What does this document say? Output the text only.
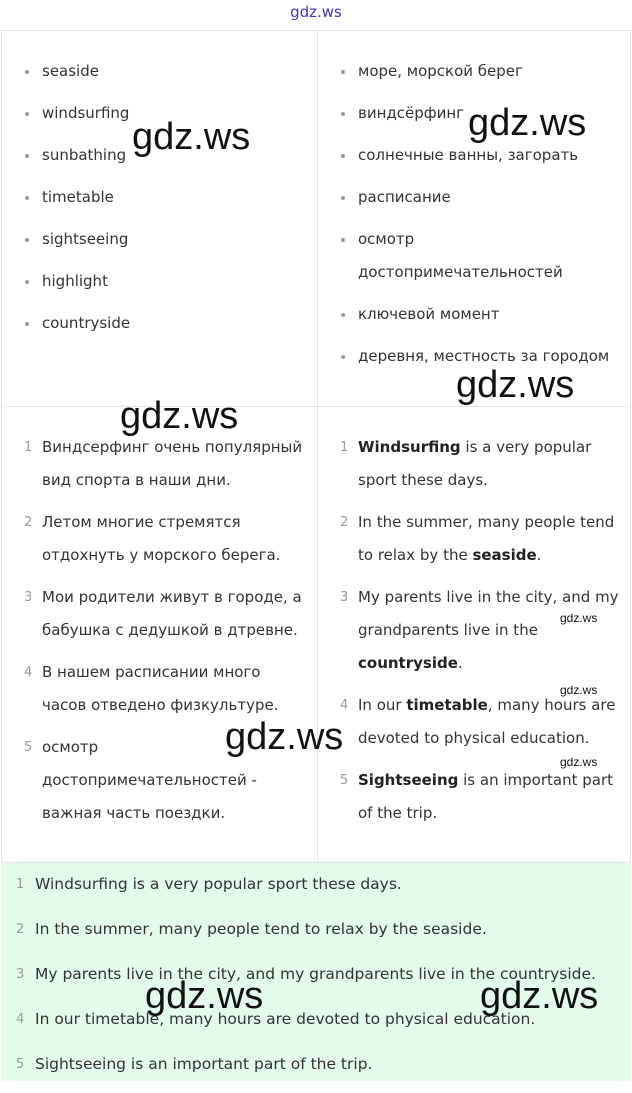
gdz.ws
seaside
windsurfing
sunbathing
timetable
sightseeing
highlight
countryside
море, морской берег
виндсёрфинг
солнечные ванны, загорать
расписание
осмотр достопримечательностей
ключевой момент
деревня, местность за городом
1 Виндсерфинг очень популярный вид спорта в наши дни.
2 Летом многие стремятся отдохнуть у морского берега.
3 Мои родители живут в городе, а бабушка с дедушкой в дтревне.
4 В нашем расписании много часов отведено физкультуре.
5 осмотр достопримечательностей - важная часть поездки.
1 Windsurfing is a very popular sport these days.
2 In the summer, many people tend to relax by the seaside.
3 My parents live in the city, and my grandparents live in the countryside.
4 In our timetable, many hours are devoted to physical education.
5 Sightseeing is an important part of the trip.
1 Windsurfing is a very popular sport these days.
2 In the summer, many people tend to relax by the seaside.
3 My parents live in the city, and my grandparents live in the countryside.
4 In our timetable, many hours are devoted to physical education.
5 Sightseeing is an important part of the trip.
gdz.ws	gdz.ws
gdz.ws
gdz.ws
gdz.ws
gdz.ws	gdz.ws
gdz.ws
gdz.ws
gdz.ws
